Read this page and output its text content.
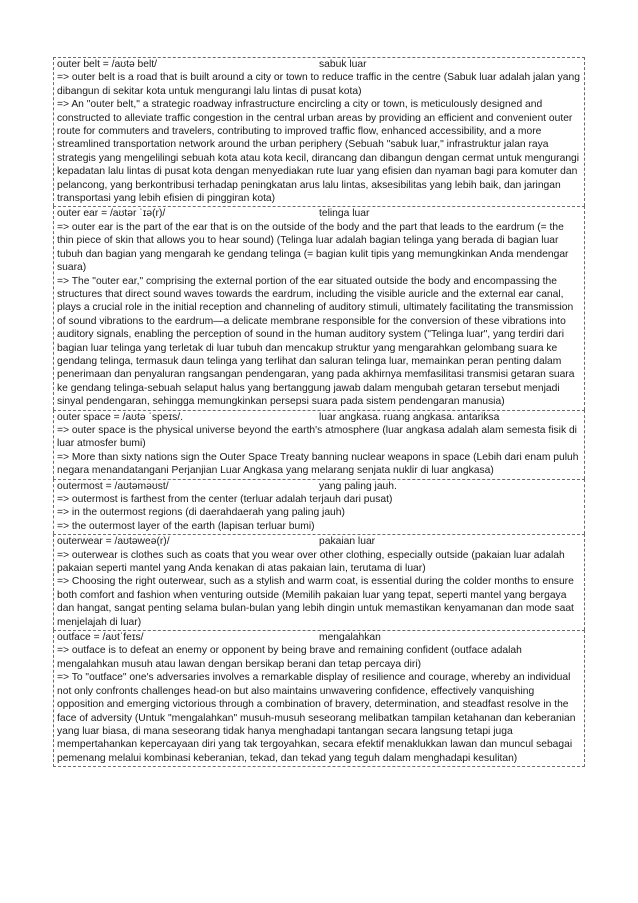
outer belt = /aʊtə belt/	sabuk luar

=> outer belt is a road that is built around a city or town to reduce traffic in the centre (Sabuk luar adalah jalan yang dibangun di sekitar kota untuk mengurangi lalu lintas di pusat kota)

=> An "outer belt," a strategic roadway infrastructure encircling a city or town, is meticulously designed and constructed to alleviate traffic congestion in the central urban areas by providing an efficient and convenient outer route for commuters and travelers, contributing to improved traffic flow, enhanced accessibility, and a more streamlined transportation network around the urban periphery (Sebuah "sabuk luar," infrastruktur jalan raya strategis yang mengelilingi sebuah kota atau kota kecil, dirancang dan dibangun dengan cermat untuk mengurangi kepadatan lalu lintas di pusat kota dengan menyediakan rute luar yang efisien dan nyaman bagi para komuter dan pelancong, yang berkontribusi terhadap peningkatan arus lalu lintas, aksesibilitas yang lebih baik, dan jaringan transportasi yang lebih efisien di pinggiran kota)

outer ear = /aʊtər ˈɪə(r)/	telinga luar

=> outer ear is the part of the ear that is on the outside of the body and the part that leads to the eardrum (= the thin piece of skin that allows you to hear sound) (Telinga luar adalah bagian telinga yang berada di bagian luar tubuh dan bagian yang mengarah ke gendang telinga (= bagian kulit tipis yang memungkinkan Anda mendengar suara)

=> The "outer ear," comprising the external portion of the ear situated outside the body and encompassing the structures that direct sound waves towards the eardrum, including the visible auricle and the external ear canal, plays a crucial role in the initial reception and channeling of auditory stimuli, ultimately facilitating the transmission of sound vibrations to the eardrum—a delicate membrane responsible for the conversion of these vibrations into auditory signals, enabling the perception of sound in the human auditory system ("Telinga luar", yang terdiri dari bagian luar telinga yang terletak di luar tubuh dan mencakup struktur yang mengarahkan gelombang suara ke gendang telinga, termasuk daun telinga yang terlihat dan saluran telinga luar, memainkan peran penting dalam penerimaan dan penyaluran rangsangan pendengaran, yang pada akhirnya memfasilitasi transmisi getaran suara ke gendang telinga-sebuah selaput halus yang bertanggung jawab dalam mengubah getaran tersebut menjadi sinyal pendengaran, sehingga memungkinkan persepsi suara pada sistem pendengaran manusia)

outer space = /aʊtə ˈspeɪs/.	luar angkasa. ruang angkasa. antariksa

=> outer space is the physical universe beyond the earth's atmosphere (luar angkasa adalah alam semesta fisik di luar atmosfer bumi)

=> More than sixty nations sign the Outer Space Treaty banning nuclear weapons in space (Lebih dari enam puluh negara menandatangani Perjanjian Luar Angkasa yang melarang senjata nuklir di luar angkasa)

outermost = /aʊtəməʊst/	yang paling jauh.

=> outermost is farthest from the center (terluar adalah terjauh dari pusat)

=> in the outermost regions (di daerahdaerah yang paling jauh)

=> the outermost layer of the earth (lapisan terluar bumi)

outerwear = /aʊtəweə(r)/	pakaian luar

=> outerwear is clothes such as coats that you wear over other clothing, especially outside (pakaian luar adalah pakaian seperti mantel yang Anda kenakan di atas pakaian lain, terutama di luar)

=> Choosing the right outerwear, such as a stylish and warm coat, is essential during the colder months to ensure both comfort and fashion when venturing outside (Memilih pakaian luar yang tepat, seperti mantel yang bergaya dan hangat, sangat penting selama bulan-bulan yang lebih dingin untuk memastikan kenyamanan dan mode saat menjelajah di luar)

outface = /aʊtˈfeɪs/	mengalahkan

=> outface is to defeat an enemy or opponent by being brave and remaining confident (outface adalah mengalahkan musuh atau lawan dengan bersikap berani dan tetap percaya diri)

=> To "outface" one's adversaries involves a remarkable display of resilience and courage, whereby an individual not only confronts challenges head-on but also maintains unwavering confidence, effectively vanquishing opposition and emerging victorious through a combination of bravery, determination, and steadfast resolve in the face of adversity (Untuk "mengalahkan" musuh-musuh seseorang melibatkan tampilan ketahanan dan keberanian yang luar biasa, di mana seseorang tidak hanya menghadapi tantangan secara langsung tetapi juga mempertahankan kepercayaan diri yang tak tergoyahkan, secara efektif menaklukkan lawan dan muncul sebagai pemenang melalui kombinasi keberanian, tekad, dan tekad yang teguh dalam menghadapi kesulitan)
